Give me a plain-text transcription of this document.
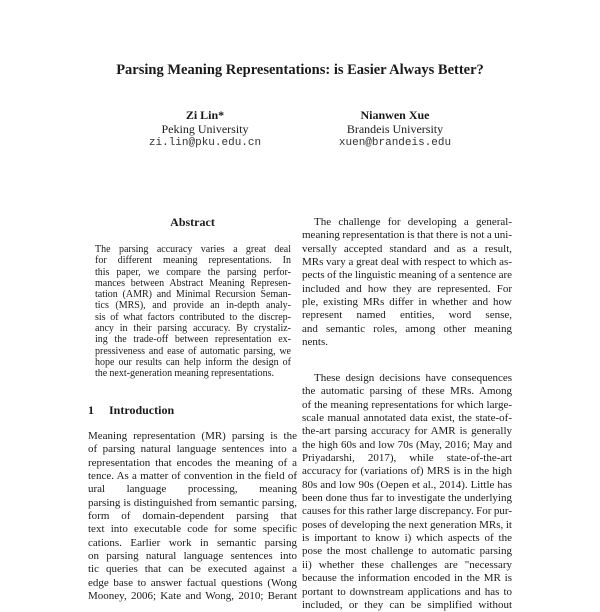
Parsing Meaning Representations: is Easier Always Better?
Zi Lin*
Peking University
zi.lin@pku.edu.cn
Nianwen Xue
Brandeis University
xuen@brandeis.edu
Abstract
The parsing accuracy varies a great deal
for different meaning representations. In
this paper, we compare the parsing perfor-
mances between Abstract Meaning Represen-
tation (AMR) and Minimal Recursion Seman-
tics (MRS), and provide an in-depth analy-
sis of what factors contributed to the discrep-
ancy in their parsing accuracy. By crystaliz-
ing the trade-off between representation ex-
pressiveness and ease of automatic parsing, we
hope our results can help inform the design of
the next-generation meaning representations.
1 Introduction
Meaning representation (MR) parsing is the
of parsing natural language sentences into a
representation that encodes the meaning of a
tence. As a matter of convention in the field of
ural language processing, meaning
parsing is distinguished from semantic parsing,
form of domain-dependent parsing that
text into executable code for some specific
cations. Earlier work in semantic parsing
on parsing natural language sentences into
tic queries that can be executed against a
edge base to answer factual questions (Wong
Mooney, 2006; Kate and Wong, 2010; Berant
The challenge for developing a general-
meaning representation is that there is not a uni-
versally accepted standard and as a result,
MRs vary a great deal with respect to which as-
pects of the linguistic meaning of a sentence are
included and how they are represented. For
ple, existing MRs differ in whether and how
represent named entities, word sense,
and semantic roles, among other meaning
nents.
These design decisions have consequences
the automatic parsing of these MRs. Among
of the meaning representations for which large-
scale manual annotated data exist, the state-of-
the-art parsing accuracy for AMR is generally
the high 60s and low 70s (May, 2016; May and
Priyadarshi, 2017), while state-of-the-art
accuracy for (variations of) MRS is in the high
80s and low 90s (Oepen et al., 2014). Little has
been done thus far to investigate the underlying
causes for this rather large discrepancy. For pur-
poses of developing the next generation MRs, it
is important to know i) which aspects of the
pose the most challenge to automatic parsing
ii) whether these challenges are "necessary
because the information encoded in the MR is
portant to downstream applications and has to
included, or they can be simplified without
